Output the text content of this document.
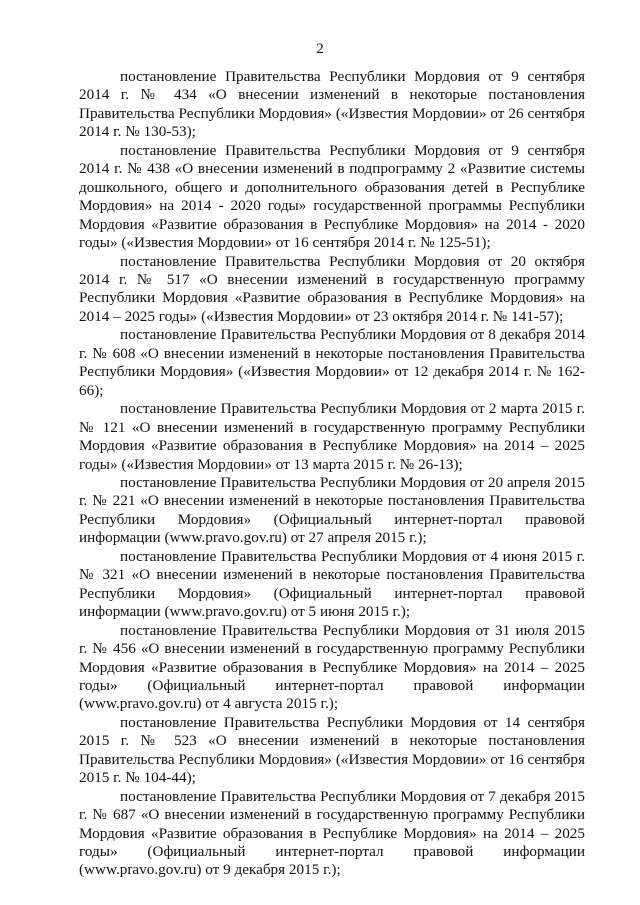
2

постановление Правительства Республики Мордовия от 9 сентября 2014 г. № 434 «О внесении изменений в некоторые постановления Правительства Республики Мордовия» («Известия Мордовии» от 26 сентября 2014 г. № 130-53);

постановление Правительства Республики Мордовия от 9 сентября 2014 г. № 438 «О внесении изменений в подпрограмму 2 «Развитие системы дошкольного, общего и дополнительного образования детей в Республике Мордовия» на 2014 - 2020 годы» государственной программы Республики Мордовия «Развитие образования в Республике Мордовия» на 2014 - 2020 годы» («Известия Мордовии» от 16 сентября 2014 г. № 125-51);

постановление Правительства Республики Мордовия от 20 октября 2014 г. № 517 «О внесении изменений в государственную программу Республики Мордовия «Развитие образования в Республике Мордовия» на 2014 – 2025 годы» («Известия Мордовии» от 23 октября 2014 г. № 141-57);

постановление Правительства Республики Мордовия от 8 декабря 2014 г. № 608 «О внесении изменений в некоторые постановления Правительства Республики Мордовия» («Известия Мордовии» от 12 декабря 2014 г. № 162-66);

постановление Правительства Республики Мордовия от 2 марта 2015 г. № 121 «О внесении изменений в государственную программу Республики Мордовия «Развитие образования в Республике Мордовия» на 2014 – 2025 годы» («Известия Мордовии» от 13 марта 2015 г. № 26-13);

постановление Правительства Республики Мордовия от 20 апреля 2015 г. № 221 «О внесении изменений в некоторые постановления Правительства Республики Мордовия» (Официальный интернет-портал правовой информации (www.pravo.gov.ru) от 27 апреля 2015 г.);

постановление Правительства Республики Мордовия от 4 июня 2015 г. № 321 «О внесении изменений в некоторые постановления Правительства Республики Мордовия» (Официальный интернет-портал правовой информации (www.pravo.gov.ru) от 5 июня 2015 г.);

постановление Правительства Республики Мордовия от 31 июля 2015 г. № 456 «О внесении изменений в государственную программу Республики Мордовия «Развитие образования в Республике Мордовия» на 2014 – 2025 годы» (Официальный интернет-портал правовой информации (www.pravo.gov.ru) от 4 августа 2015 г.);

постановление Правительства Республики Мордовия от 14 сентября 2015 г. № 523 «О внесении изменений в некоторые постановления Правительства Республики Мордовия» («Известия Мордовии» от 16 сентября 2015 г. № 104-44);

постановление Правительства Республики Мордовия от 7 декабря 2015 г. № 687 «О внесении изменений в государственную программу Республики Мордовия «Развитие образования в Республике Мордовия» на 2014 – 2025 годы» (Официальный интернет-портал правовой информации (www.pravo.gov.ru) от 9 декабря 2015 г.);
